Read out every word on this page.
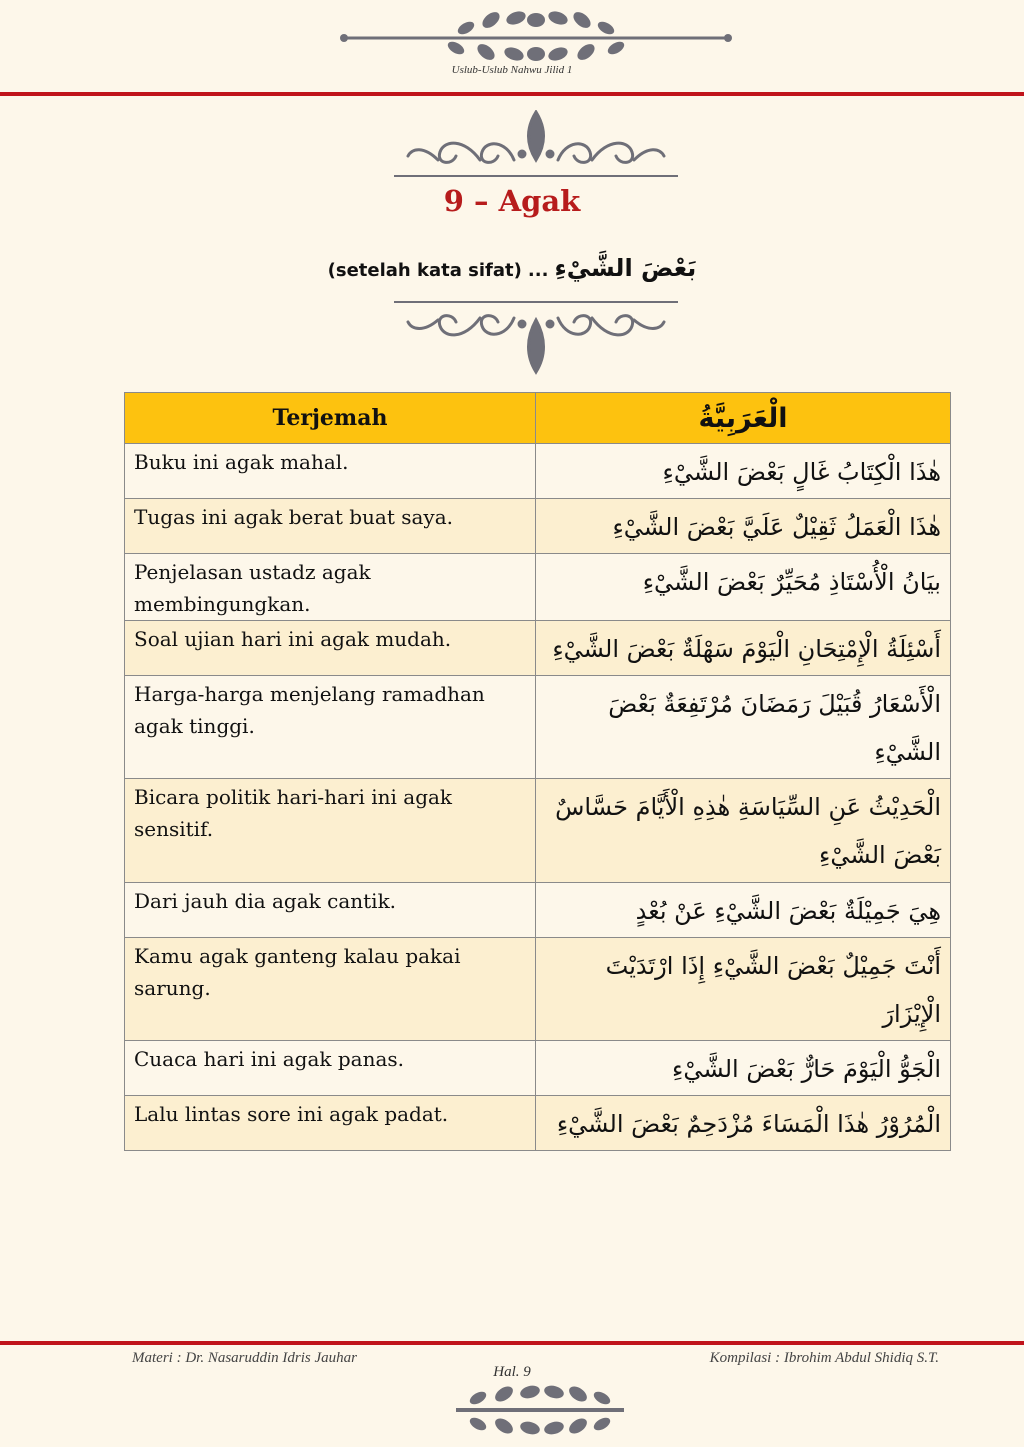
Uslub-Uslub Nahwu Jilid 1
9 – Agak
(setelah kata sifat) ... بَعْضَ الشَّيْءِ
Terjemah	الْعَرَبِيَّةُ
Buku ini agak mahal.	هٰذَا الْكِتَابُ غَالٍ بَعْضَ الشَّيْءِ
Tugas ini agak berat buat saya.	هٰذَا الْعَمَلُ ثَقِيْلٌ عَلَيَّ بَعْضَ الشَّيْءِ
Penjelasan ustadz agak membingungkan.	بيَانُ الْأُسْتَاذِ مُحَيِّرٌ بَعْضَ الشَّيْءِ
Soal ujian hari ini agak mudah.	أَسْئِلَةُ الْإِمْتِحَانِ الْيَوْمَ سَهْلَةٌ بَعْضَ الشَّيْءِ
Harga-harga menjelang ramadhan agak tinggi.	الْأَسْعَارُ قُبَيْلَ رَمَضَانَ مُرْتَفِعَةٌ بَعْضَ الشَّيْءِ
Bicara politik hari-hari ini agak sensitif.	الْحَدِيْثُ عَنِ السِّيَاسَةِ هٰذِهِ الْأَيَّامَ حَسَّاسٌ بَعْضَ الشَّيْءِ
Dari jauh dia agak cantik.	هِيَ جَمِيْلَةٌ بَعْضَ الشَّيْءِ عَنْ بُعْدٍ
Kamu agak ganteng kalau pakai sarung.	أَنْتَ جَمِيْلٌ بَعْضَ الشَّيْءِ إِذَا ارْتَدَيْتَ الْإِيْزَارَ
Cuaca hari ini agak panas.	الْجَوُّ الْيَوْمَ حَارٌّ بَعْضَ الشَّيْءِ
Lalu lintas sore ini agak padat.	الْمُرُوْرُ هٰذَا الْمَسَاءَ مُزْدَحِمٌ بَعْضَ الشَّيْءِ
Materi : Dr. Nasaruddin Idris Jauhar	Kompilasi : Ibrohim Abdul Shidiq S.T.
Hal. 9
